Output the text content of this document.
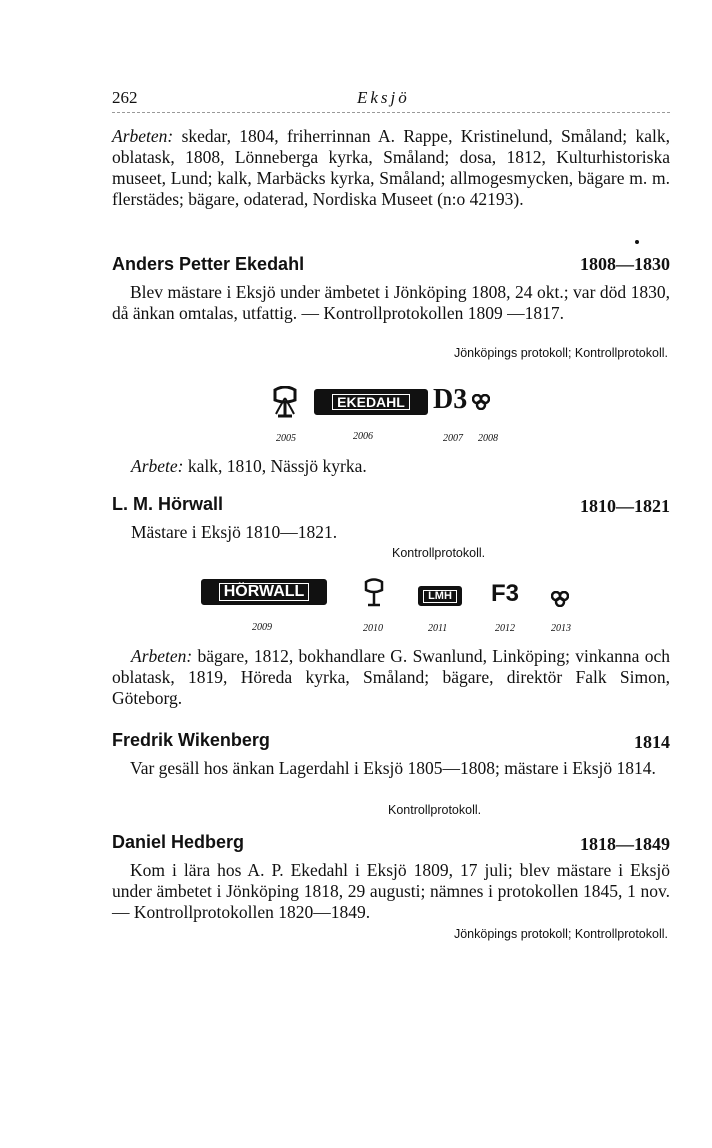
262	Eksjö
Arbeten: skedar, 1804, friherrinnan A. Rappe, Kristinelund, Småland; kalk, oblatask, 1808, Lönneberga kyrka, Småland; dosa, 1812, Kulturhistoriska museet, Lund; kalk, Marbäcks kyrka, Småland; allmogesmycken, bägare m. m. flerstädes; bägare, odaterad, Nordiska Museet (n:o 42193).
Anders Petter Ekedahl	1808—1830
Blev mästare i Eksjö under ämbetet i Jönköping 1808, 24 okt.; var död 1830, då änkan omtalas, utfattig. — Kontrollprotokollen 1809 —1817.
Jönköpings protokoll; Kontrollprotokoll.
EKEDAHL D3
2005	2006	2007 2008
Arbete: kalk, 1810, Nässjö kyrka.
L. M. Hörwall	1810—1821
Mästare i Eksjö 1810—1821.
Kontrollprotokoll.
HÖRWALL	LMH F3
2009	2010	2011	2012	2013
Arbeten: bägare, 1812, bokhandlare G. Swanlund, Linköping; vinkanna och oblatask, 1819, Höreda kyrka, Småland; bägare, direktör Falk Simon, Göteborg.
Fredrik Wikenberg	1814
Var gesäll hos änkan Lagerdahl i Eksjö 1805—1808; mästare i Eksjö 1814.
Kontrollprotokoll.
Daniel Hedberg	1818—1849
Kom i lära hos A. P. Ekedahl i Eksjö 1809, 17 juli; blev mästare i Eksjö under ämbetet i Jönköping 1818, 29 augusti; nämnes i protokollen 1845, 1 nov. — Kontrollprotokollen 1820—1849.
Jönköpings protokoll; Kontrollprotokoll.
